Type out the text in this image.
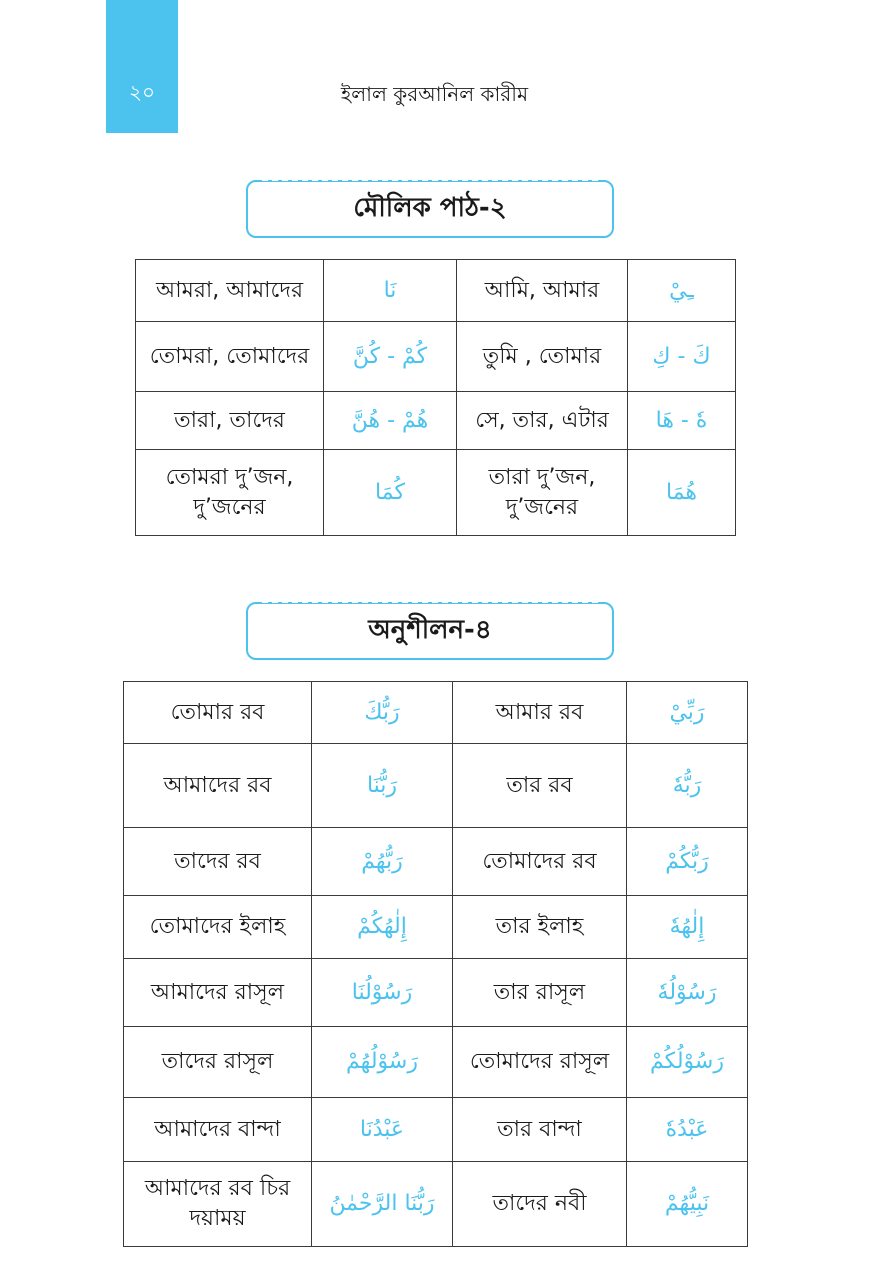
২০	ইলাল কুরআনিল কারীম
মৌলিক পাঠ-২
আমরা, আমাদের	نَا	আমি, আমার	ـِيْ
তোমরা, তোমাদের	كُمْ - كُنَّ	তুমি , তোমার	كَ - كِ
তারা, তাদের	هُمْ - هُنَّ	সে, তার, এটার	هٗ - هَا
তোমরা দু’জন, দু’জনের	كُمَا	তারা দু’জন, দু’জনের	هُمَا
অনুশীলন-৪
তোমার রব	رَبُّكَ	আমার রব	رَبِّيْ
আমাদের রব	رَبُّنَا	তার রব	رَبُّهٗ
তাদের রব	رَبُّهُمْ	তোমাদের রব	رَبُّكُمْ
তোমাদের ইলাহ	إِلٰهُكُمْ	তার ইলাহ	إِلٰهُهٗ
আমাদের রাসূল	رَسُوْلُنَا	তার রাসূল	رَسُوْلُهٗ
তাদের রাসূল	رَسُوْلُهُمْ	তোমাদের রাসূল	رَسُوْلُكُمْ
আমাদের বান্দা	عَبْدُنَا	তার বান্দা	عَبْدُهٗ
আমাদের রব চির দয়াময়	رَبُّنَا الرَّحْمٰنُ	তাদের নবী	نَبِيُّهُمْ
